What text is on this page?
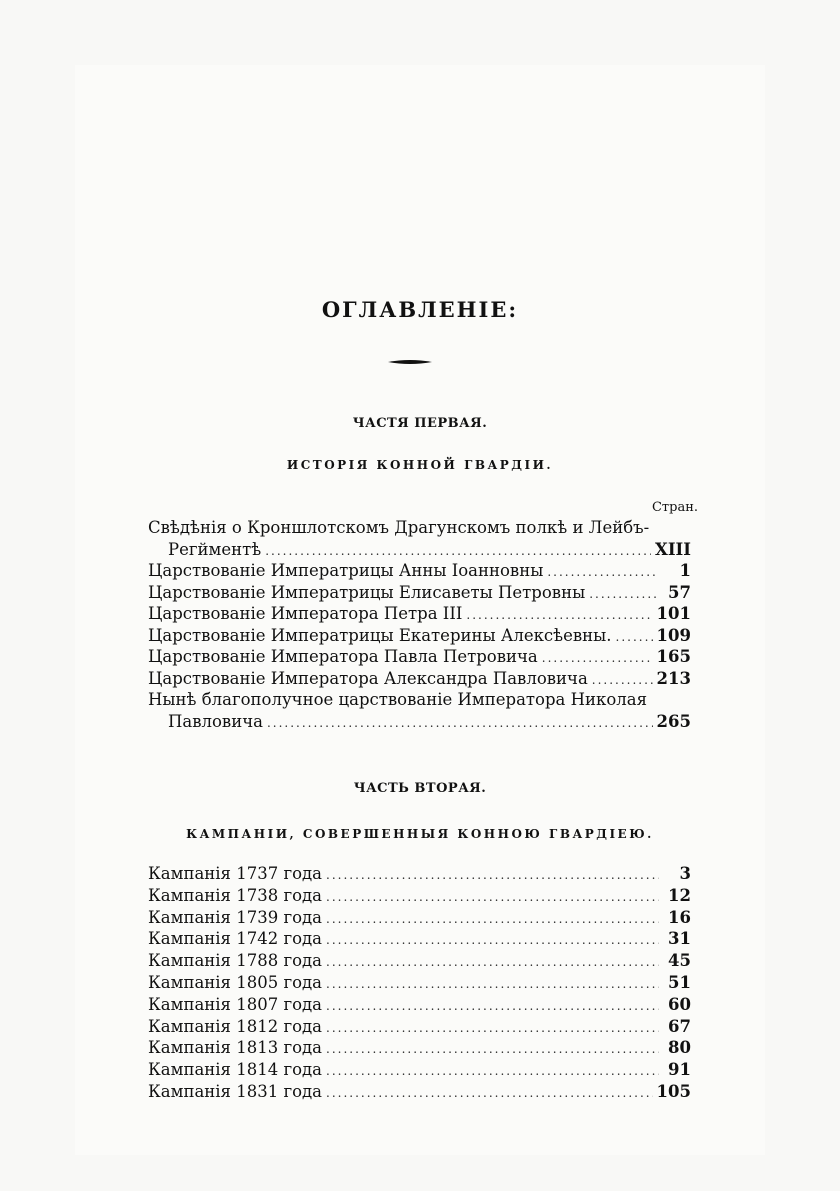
ОГЛАВЛЕНІЕ:
ЧАСТЯ ПЕРВАЯ.
ИСТОРІЯ КОННОЙ ГВАРДІИ.
Стран.
Свѣдѣнія о Кроншлотскомъ Драгунскомъ полкѣ и Лейбъ-
Регйментѣ .....	XIII
Царствованіе Императрицы Анны Іоанновны .....	1
Царствованіе Императрицы Елисаветы Петровны .....	57
Царствованіе Императора Петра III .....	101
Царствованіе Императрицы Екатерины Алексѣевны. .....	109
Царствованіе Императора Павла Петровича .....	165
Царствованіе Императора Александра Павловича .....	213
Нынѣ благополучное царствованіе Императора Николая
Павловича .....	265
ЧАСТЬ ВТОРАЯ.
КАМПАНІИ, СОВЕРШЕННЫЯ КОННОЮ ГВАРДІЕЮ.
Кампанія 1737 года .....	3
Кампанія 1738 года .....	12
Кампанія 1739 года .....	16
Кампанія 1742 года .....	31
Кампанія 1788 года .....	45
Кампанія 1805 года .....	51
Кампанія 1807 года .....	60
Кампанія 1812 года .....	67
Кампанія 1813 года .....	80
Кампанія 1814 года .....	91
Кампанія 1831 года .....	105
